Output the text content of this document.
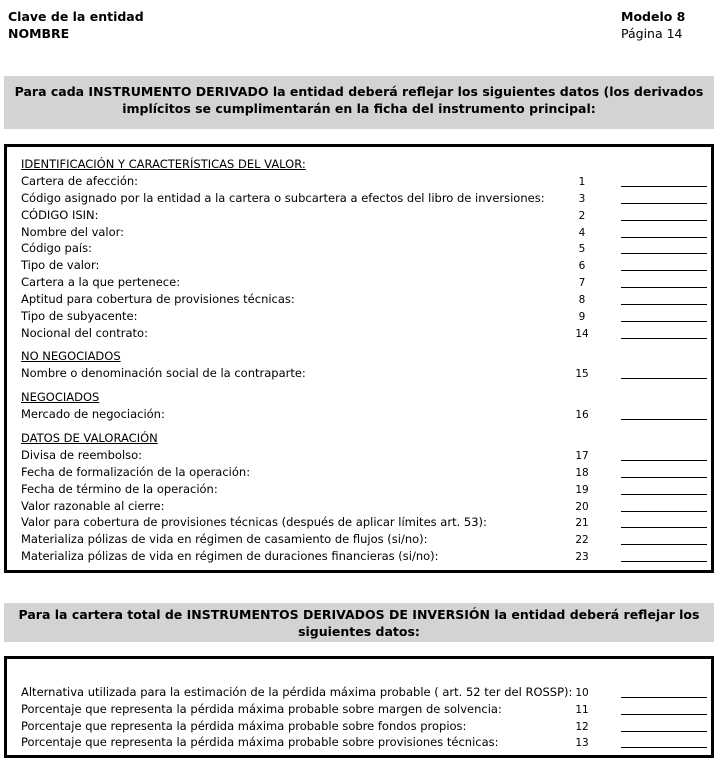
Clave de la entidad
NOMBRE
Modelo 8
Página 14
Para cada INSTRUMENTO DERIVADO la entidad deberá reflejar los siguientes datos (los derivados
implícitos se cumplimentarán en la ficha del instrumento principal:
IDENTIFICACIÓN Y CARACTERÍSTICAS DEL VALOR:
Cartera de afección:	1
Código asignado por la entidad a la cartera o subcartera a efectos del libro de inversiones:	3
CÓDIGO ISIN:	2
Nombre del valor:	4
Código país:	5
Tipo de valor:	6
Cartera a la que pertenece:	7
Aptitud para cobertura de provisiones técnicas:	8
Tipo de subyacente:	9
Nocional del contrato:	14
NO NEGOCIADOS
Nombre o denominación social de la contraparte:	15
NEGOCIADOS
Mercado de negociación:	16
DATOS DE VALORACIÓN
Divisa de reembolso:	17
Fecha de formalización de la operación:	18
Fecha de término de la operación:	19
Valor razonable al cierre:	20
Valor para cobertura de provisiones técnicas (después de aplicar límites art. 53):	21
Materializa pólizas de vida en régimen de casamiento de flujos (si/no):	22
Materializa pólizas de vida en régimen de duraciones financieras (si/no):	23
Para la cartera total de INSTRUMENTOS DERIVADOS DE INVERSIÓN la entidad deberá reflejar los
siguientes datos:
Alternativa utilizada para la estimación de la pérdida máxima probable ( art. 52 ter del ROSSP): 10
Porcentaje que representa la pérdida máxima probable sobre margen de solvencia:	11
Porcentaje que representa la pérdida máxima probable sobre fondos propios:	12
Porcentaje que representa la pérdida máxima probable sobre provisiones técnicas:	13
